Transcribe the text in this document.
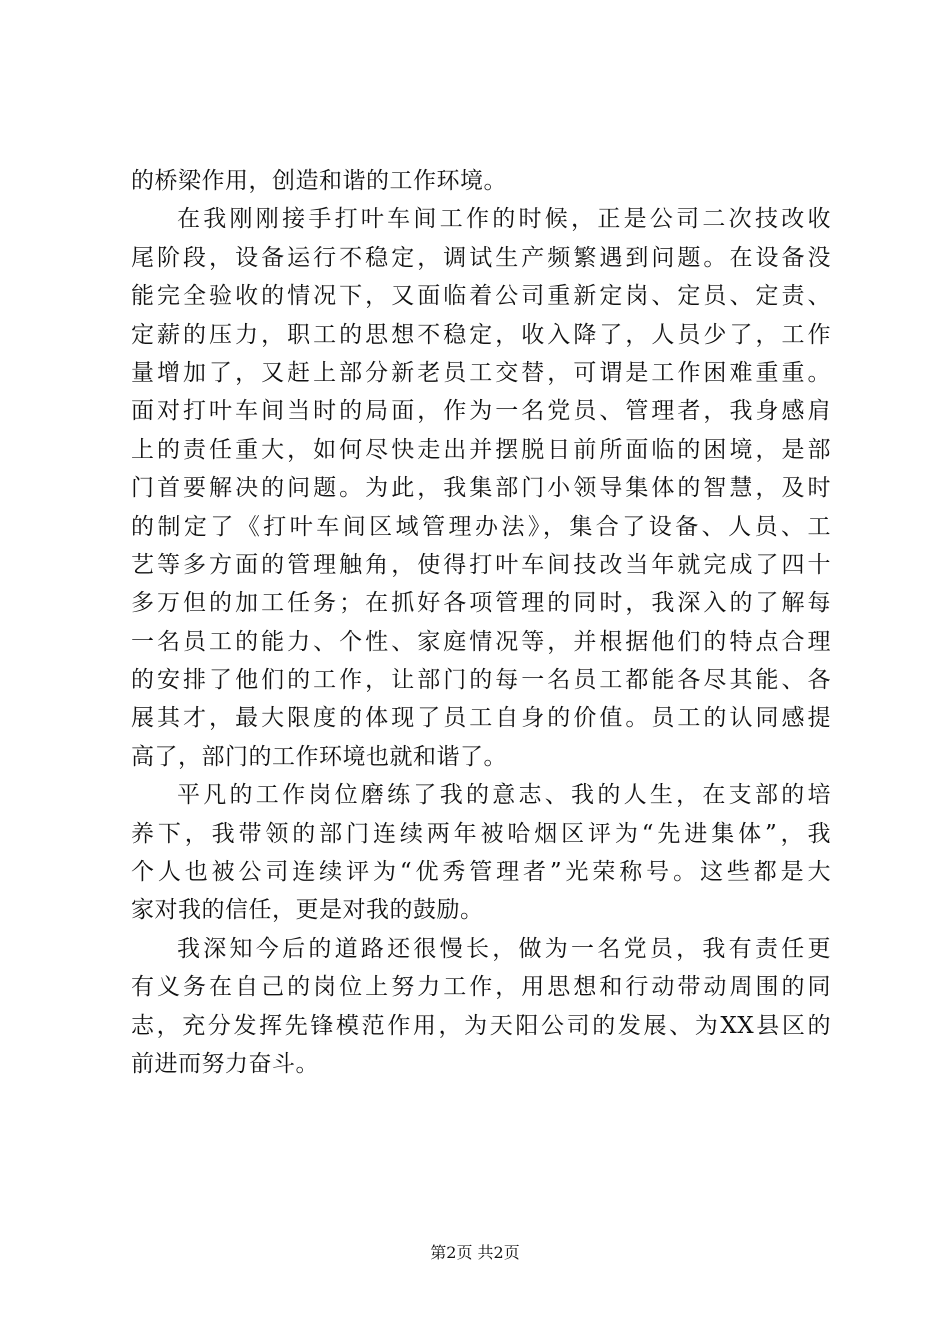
的桥梁作用，创造和谐的工作环境。
在我刚刚接手打叶车间工作的时候，正是公司二次技改收
尾阶段，设备运行不稳定，调试生产频繁遇到问题。在设备没
能完全验收的情况下，又面临着公司重新定岗、定员、定责、
定薪的压力，职工的思想不稳定，收入降了，人员少了，工作
量增加了，又赶上部分新老员工交替，可谓是工作困难重重。
面对打叶车间当时的局面，作为一名党员、管理者，我身感肩
上的责任重大，如何尽快走出并摆脱日前所面临的困境，是部
门首要解决的问题。为此，我集部门小领导集体的智慧，及时
的制定了《打叶车间区域管理办法》，集合了设备、人员、工
艺等多方面的管理触角，使得打叶车间技改当年就完成了四十
多万但的加工任务；在抓好各项管理的同时，我深入的了解每
一名员工的能力、个性、家庭情况等，并根据他们的特点合理
的安排了他们的工作，让部门的每一名员工都能各尽其能、各
展其才，最大限度的体现了员工自身的价值。员工的认同感提
高了，部门的工作环境也就和谐了。
平凡的工作岗位磨练了我的意志、我的人生，在支部的培
养下，我带领的部门连续两年被哈烟区评为“先进集体”，我
个人也被公司连续评为“优秀管理者”光荣称号。这些都是大
家对我的信任，更是对我的鼓励。
我深知今后的道路还很慢长，做为一名党员，我有责任更
有义务在自己的岗位上努力工作，用思想和行动带动周围的同
志，充分发挥先锋模范作用，为天阳公司的发展、为XX县区的
前进而努力奋斗。
第2页 共2页
